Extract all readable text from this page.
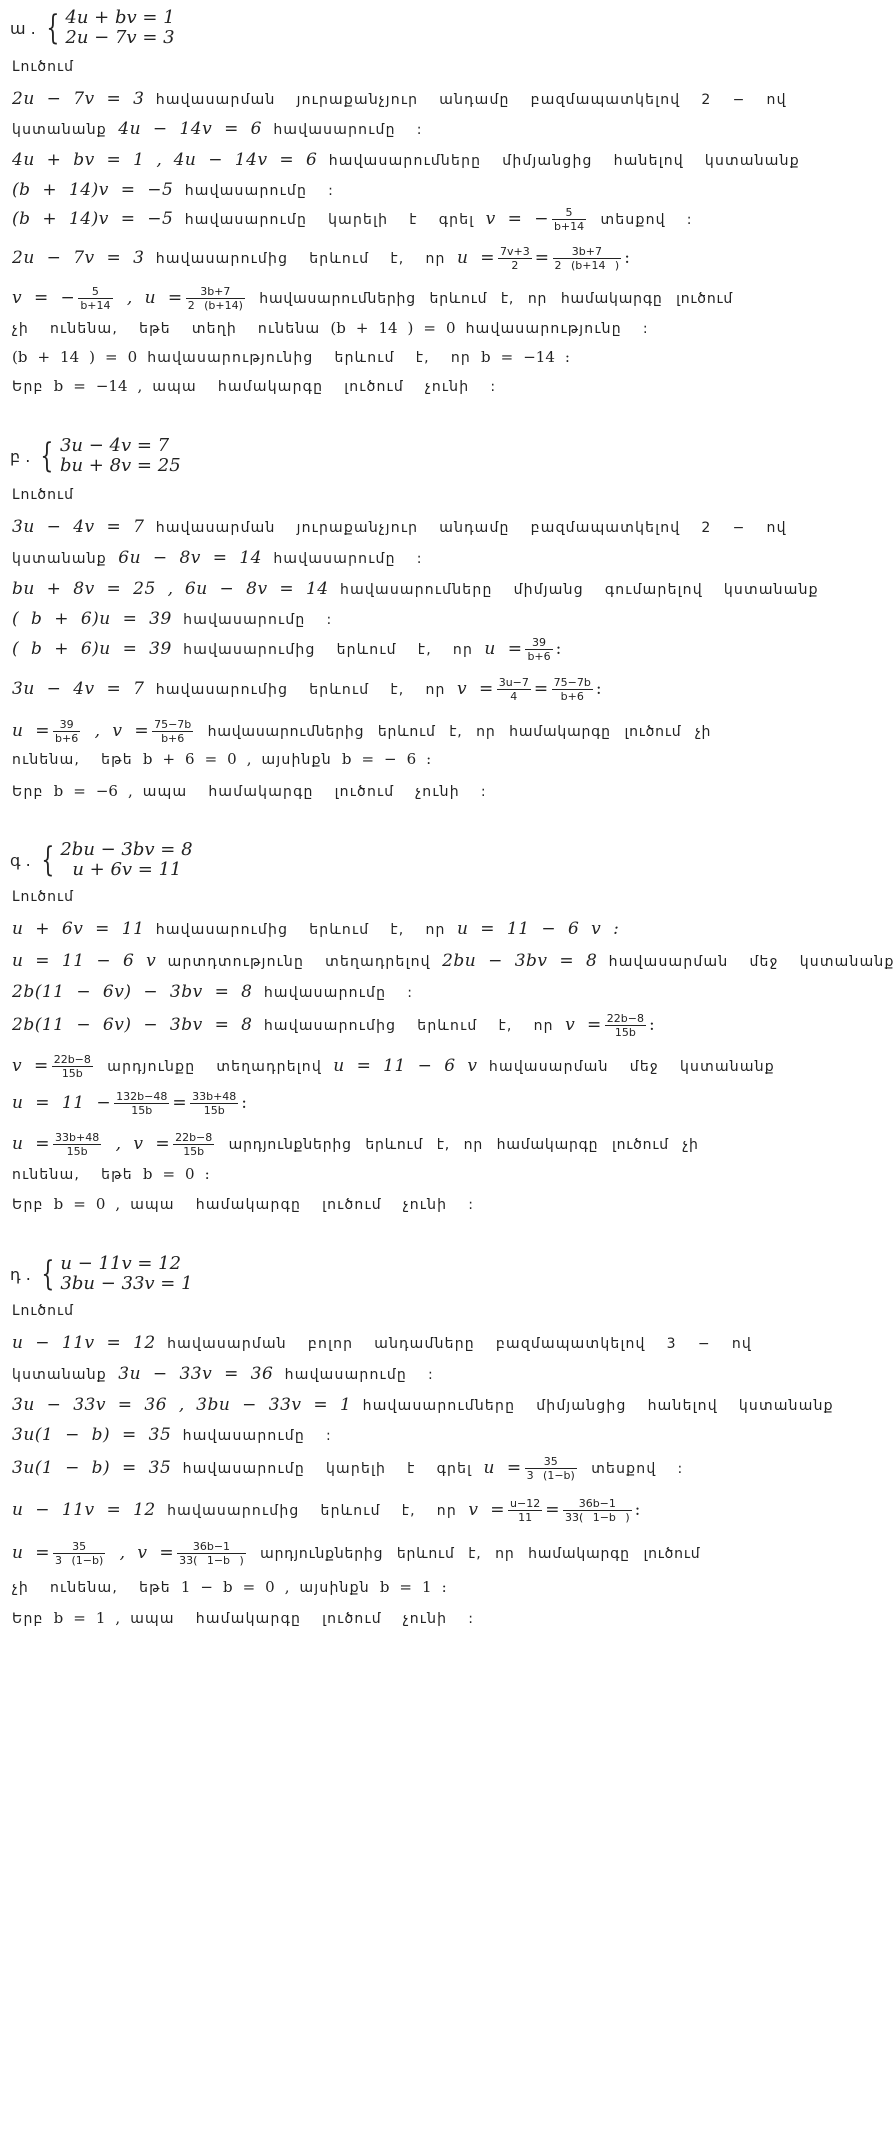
ա . { 4u + bv = 1
2u − 7v = 3
Լուծում
2u − 7v = 3 հավասարման յուրաքանչյուր անդամը բազմապատկելով 2 − ով
կստանանք 4u − 14v = 6 հավասարումը :
4u + bv = 1 , 4u − 14v = 6 հավասարումները միմյանցից հանելով կստանանք
(b + 14)v = −5 հավասարումը :
(b + 14)v = −5 հավասարումը կարելի է գրել v = − $\frac{5}{b+14}$ տեսքով :
2u − 7v = 3 հավասարումից երևում է, որ $u = \frac{7v+3}{2} = \frac{3b+7}{2 (b+14 )}$ :
v = − $\frac{5}{b+14}$ , $u = \frac{3b+7}{2 (b+14)}$ հավասարումներից երևում է, որ համակարգը լուծում
չի ունենա, եթե տեղի ունենա (b + 14 ) = 0 հավասարությունը :
(b + 14 ) = 0 հավասարությունից երևում է, որ b = −14 :
Երբ b = −14 , ապա համակարգը լուծում չունի :
բ . { 3u − 4v = 7
bu + 8v = 25
Լուծում
3u − 4v = 7 հավասարման յուրաքանչյուր անդամը բազմապատկելով 2 − ով
կստանանք 6u − 8v = 14 հավասարումը :
bu + 8v = 25 , 6u − 8v = 14 հավասարումները միմյանց գումարելով կստանանք
( b + 6)u = 39 հավասարումը :
( b + 6)u = 39 հավասարումից երևում է, որ $u = \frac{39}{b+6}$ :
3u − 4v = 7 հավասարումից երևում է, որ $v = \frac{3u-7}{4} = \frac{75-7b}{b+6}$ :
$u = \frac{39}{b+6}$ , $v = \frac{75-7b}{b+6}$ հավասարումներից երևում է, որ համակարգը լուծում չի
ունենա, եթե b + 6 = 0 , այսինքն b = − 6 :
Երբ b = −6 , ապա համակարգը լուծում չունի :
գ . { 2bu − 3bv = 8
u + 6v = 11
Լուծում
u + 6v = 11 հավասարումից երևում է, որ u = 11 − 6 v :
u = 11 − 6 v արտդտությունը տեղադրելով 2bu − 3bv = 8 հավասարման մեջ կստանանք
2b(11 − 6v) − 3bv = 8 հավասարումը :
2b(11 − 6v) − 3bv = 8 հավասարումից երևում է, որ $v = \frac{22b-8}{15b}$ :
$v = \frac{22b-8}{15b}$ արդյունքը տեղադրելով u = 11 − 6 v հավասարման մեջ կստանանք
$u = 11 - \frac{132b-48}{15b} = \frac{33b+48}{15b}$ :
$u = \frac{33b+48}{15b}$ , $v = \frac{22b-8}{15b}$ արդյունքներից երևում է, որ համակարգը լուծում չի
ունենա, եթե b = 0 :
Երբ b = 0 , ապա համակարգը լուծում չունի :
դ . { u − 11v = 12
3bu − 33v = 1
Լուծում
u − 11v = 12 հավասարման բոլոր անդամները բազմապատկելով 3 − ով
կստանանք 3u − 33v = 36 հավասարումը :
3u − 33v = 36 , 3bu − 33v = 1 հավասարումները միմյանցից հանելով կստանանք
3u(1 − b) = 35 հավասարումը :
3u(1 − b) = 35 հավասարումը կարելի է գրել $u = \frac{35}{3 (1-b)}$ տեսքով :
u − 11v = 12 հավասարումից երևում է, որ $v = \frac{u-12}{11} = \frac{36b-1}{33( 1-b )}$ :
$u = \frac{35}{3 (1-b)}$ , $v = \frac{36b-1}{33( 1-b )}$ արդյունքներից երևում է, որ համակարգը լուծում
չի ունենա, եթե 1 − b = 0 , այսինքն b = 1 :
Երբ b = 1 , ապա համակարգը լուծում չունի :
